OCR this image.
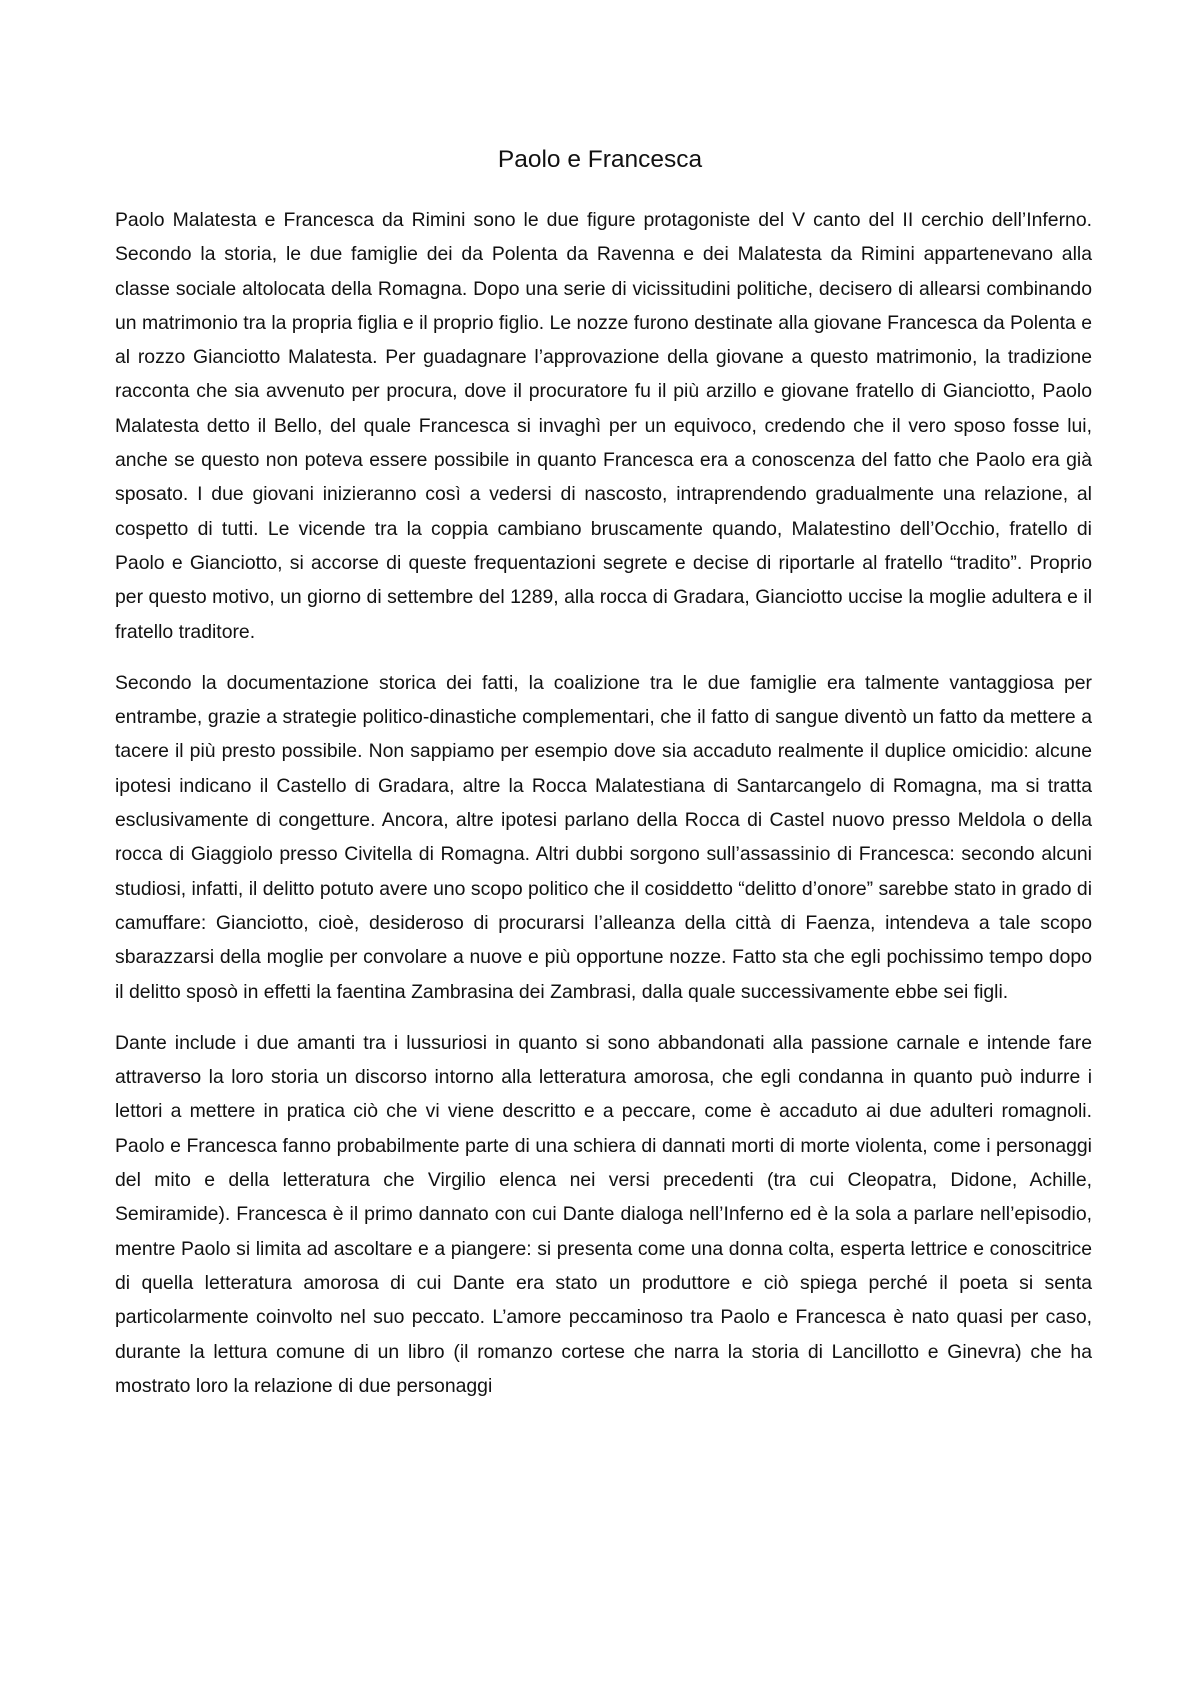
Paolo e Francesca

Paolo Malatesta e Francesca da Rimini sono le due figure protagoniste del V canto del II cerchio dell’Inferno. Secondo la storia, le due famiglie dei da Polenta da Ravenna e dei Malatesta da Rimini appartenevano alla classe sociale altolocata della Romagna. Dopo una serie di vicissitudini politiche, decisero di allearsi combinando un matrimonio tra la propria figlia e il proprio figlio. Le nozze furono destinate alla giovane Francesca da Polenta e al rozzo Gianciotto Malatesta. Per guadagnare l’approvazione della giovane a questo matrimonio, la tradizione racconta che sia avvenuto per procura, dove il procuratore fu il più arzillo e giovane fratello di Gianciotto, Paolo Malatesta detto il Bello, del quale Francesca si invaghì per un equivoco, credendo che il vero sposo fosse lui, anche se questo non poteva essere possibile in quanto Francesca era a conoscenza del fatto che Paolo era già sposato. I due giovani inizieranno così a vedersi di nascosto, intraprendendo gradualmente una relazione, al cospetto di tutti. Le vicende tra la coppia cambiano bruscamente quando, Malatestino dell’Occhio, fratello di Paolo e Gianciotto, si accorse di queste frequentazioni segrete e decise di riportarle al fratello “tradito”. Proprio per questo motivo, un giorno di settembre del 1289, alla rocca di Gradara, Gianciotto uccise la moglie adultera e il fratello traditore.

Secondo la documentazione storica dei fatti, la coalizione tra le due famiglie era talmente vantaggiosa per entrambe, grazie a strategie politico-dinastiche complementari, che il fatto di sangue diventò un fatto da mettere a tacere il più presto possibile. Non sappiamo per esempio dove sia accaduto realmente il duplice omicidio: alcune ipotesi indicano il Castello di Gradara, altre la Rocca Malatestiana di Santarcangelo di Romagna, ma si tratta esclusivamente di congetture. Ancora, altre ipotesi parlano della Rocca di Castel nuovo presso Meldola o della rocca di Giaggiolo presso Civitella di Romagna. Altri dubbi sorgono sull’assassinio di Francesca: secondo alcuni studiosi, infatti, il delitto potuto avere uno scopo politico che il cosiddetto “delitto d’onore” sarebbe stato in grado di camuffare: Gianciotto, cioè, desideroso di procurarsi l’alleanza della città di Faenza, intendeva a tale scopo sbarazzarsi della moglie per convolare a nuove e più opportune nozze. Fatto sta che egli pochissimo tempo dopo il delitto sposò in effetti la faentina Zambrasina dei Zambrasi, dalla quale successivamente ebbe sei figli.

Dante include i due amanti tra i lussuriosi in quanto si sono abbandonati alla passione carnale e intende fare attraverso la loro storia un discorso intorno alla letteratura amorosa, che egli condanna in quanto può indurre i lettori a mettere in pratica ciò che vi viene descritto e a peccare, come è accaduto ai due adulteri romagnoli. Paolo e Francesca fanno probabilmente parte di una schiera di dannati morti di morte violenta, come i personaggi del mito e della letteratura che Virgilio elenca nei versi precedenti (tra cui Cleopatra, Didone, Achille, Semiramide). Francesca è il primo dannato con cui Dante dialoga nell’Inferno ed è la sola a parlare nell’episodio, mentre Paolo si limita ad ascoltare e a piangere: si presenta come una donna colta, esperta lettrice e conoscitrice di quella letteratura amorosa di cui Dante era stato un produttore e ciò spiega perché il poeta si senta particolarmente coinvolto nel suo peccato. L’amore peccaminoso tra Paolo e Francesca è nato quasi per caso, durante la lettura comune di un libro (il romanzo cortese che narra la storia di Lancillotto e Ginevra) che ha mostrato loro la relazione di due personaggi
